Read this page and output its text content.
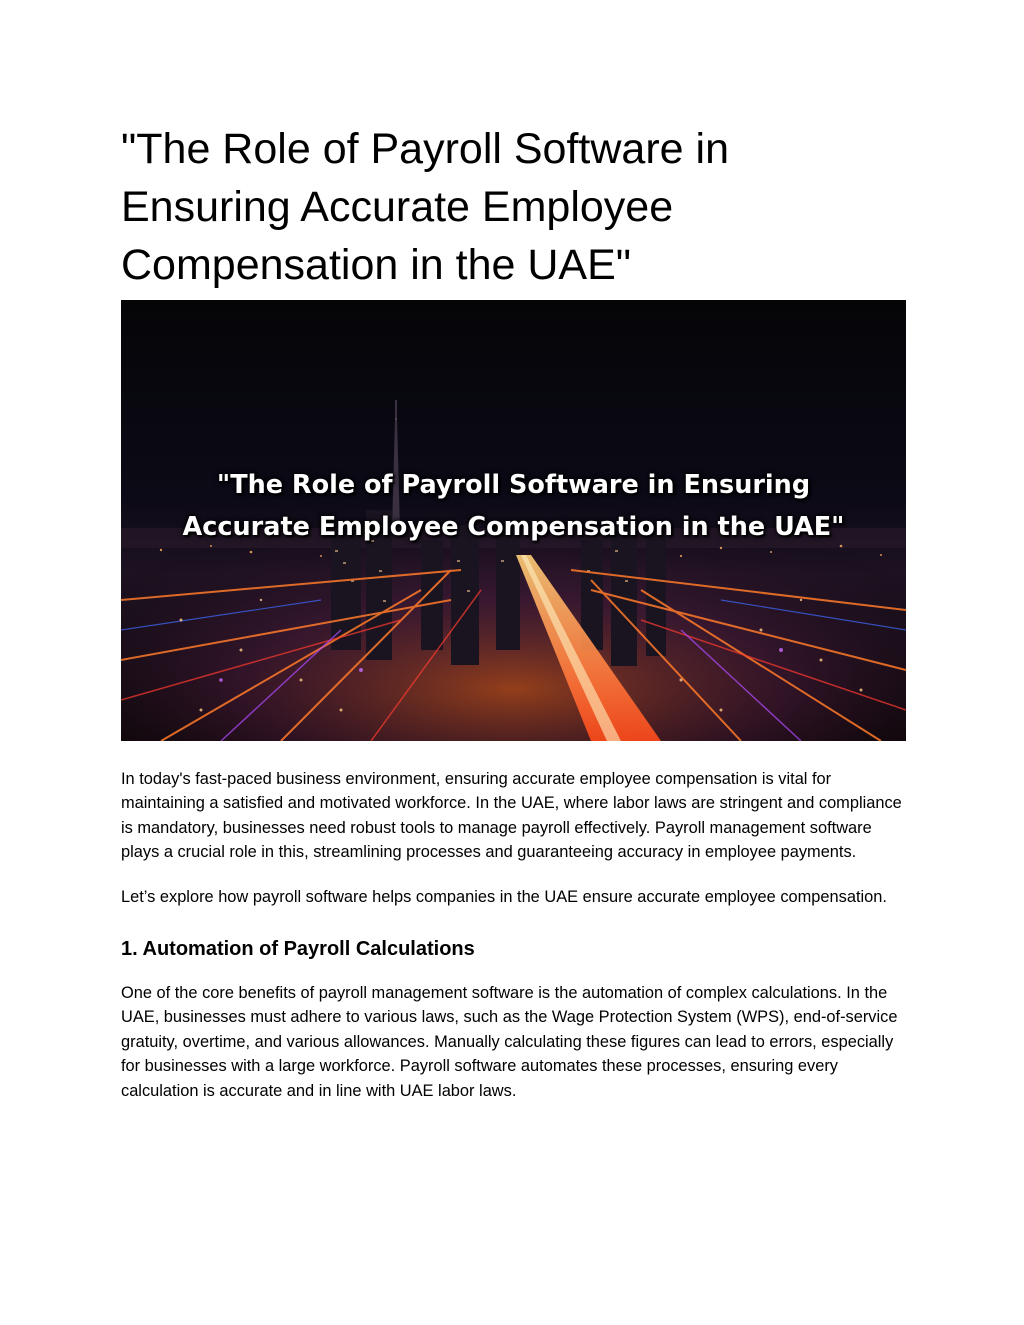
"The Role of Payroll Software in
Ensuring Accurate Employee
Compensation in the UAE"
"The Role of Payroll Software in Ensuring
Accurate Employee Compensation in the UAE"

In today's fast-paced business environment, ensuring accurate employee compensation is vital for maintaining a satisfied and motivated workforce. In the UAE, where labor laws are stringent and compliance is mandatory, businesses need robust tools to manage payroll effectively. Payroll management software plays a crucial role in this, streamlining processes and guaranteeing accuracy in employee payments.

Let’s explore how payroll software helps companies in the UAE ensure accurate employee compensation.

1. Automation of Payroll Calculations

One of the core benefits of payroll management software is the automation of complex calculations. In the UAE, businesses must adhere to various laws, such as the Wage Protection System (WPS), end-of-service gratuity, overtime, and various allowances. Manually calculating these figures can lead to errors, especially for businesses with a large workforce. Payroll software automates these processes, ensuring every calculation is accurate and in line with UAE labor laws.
